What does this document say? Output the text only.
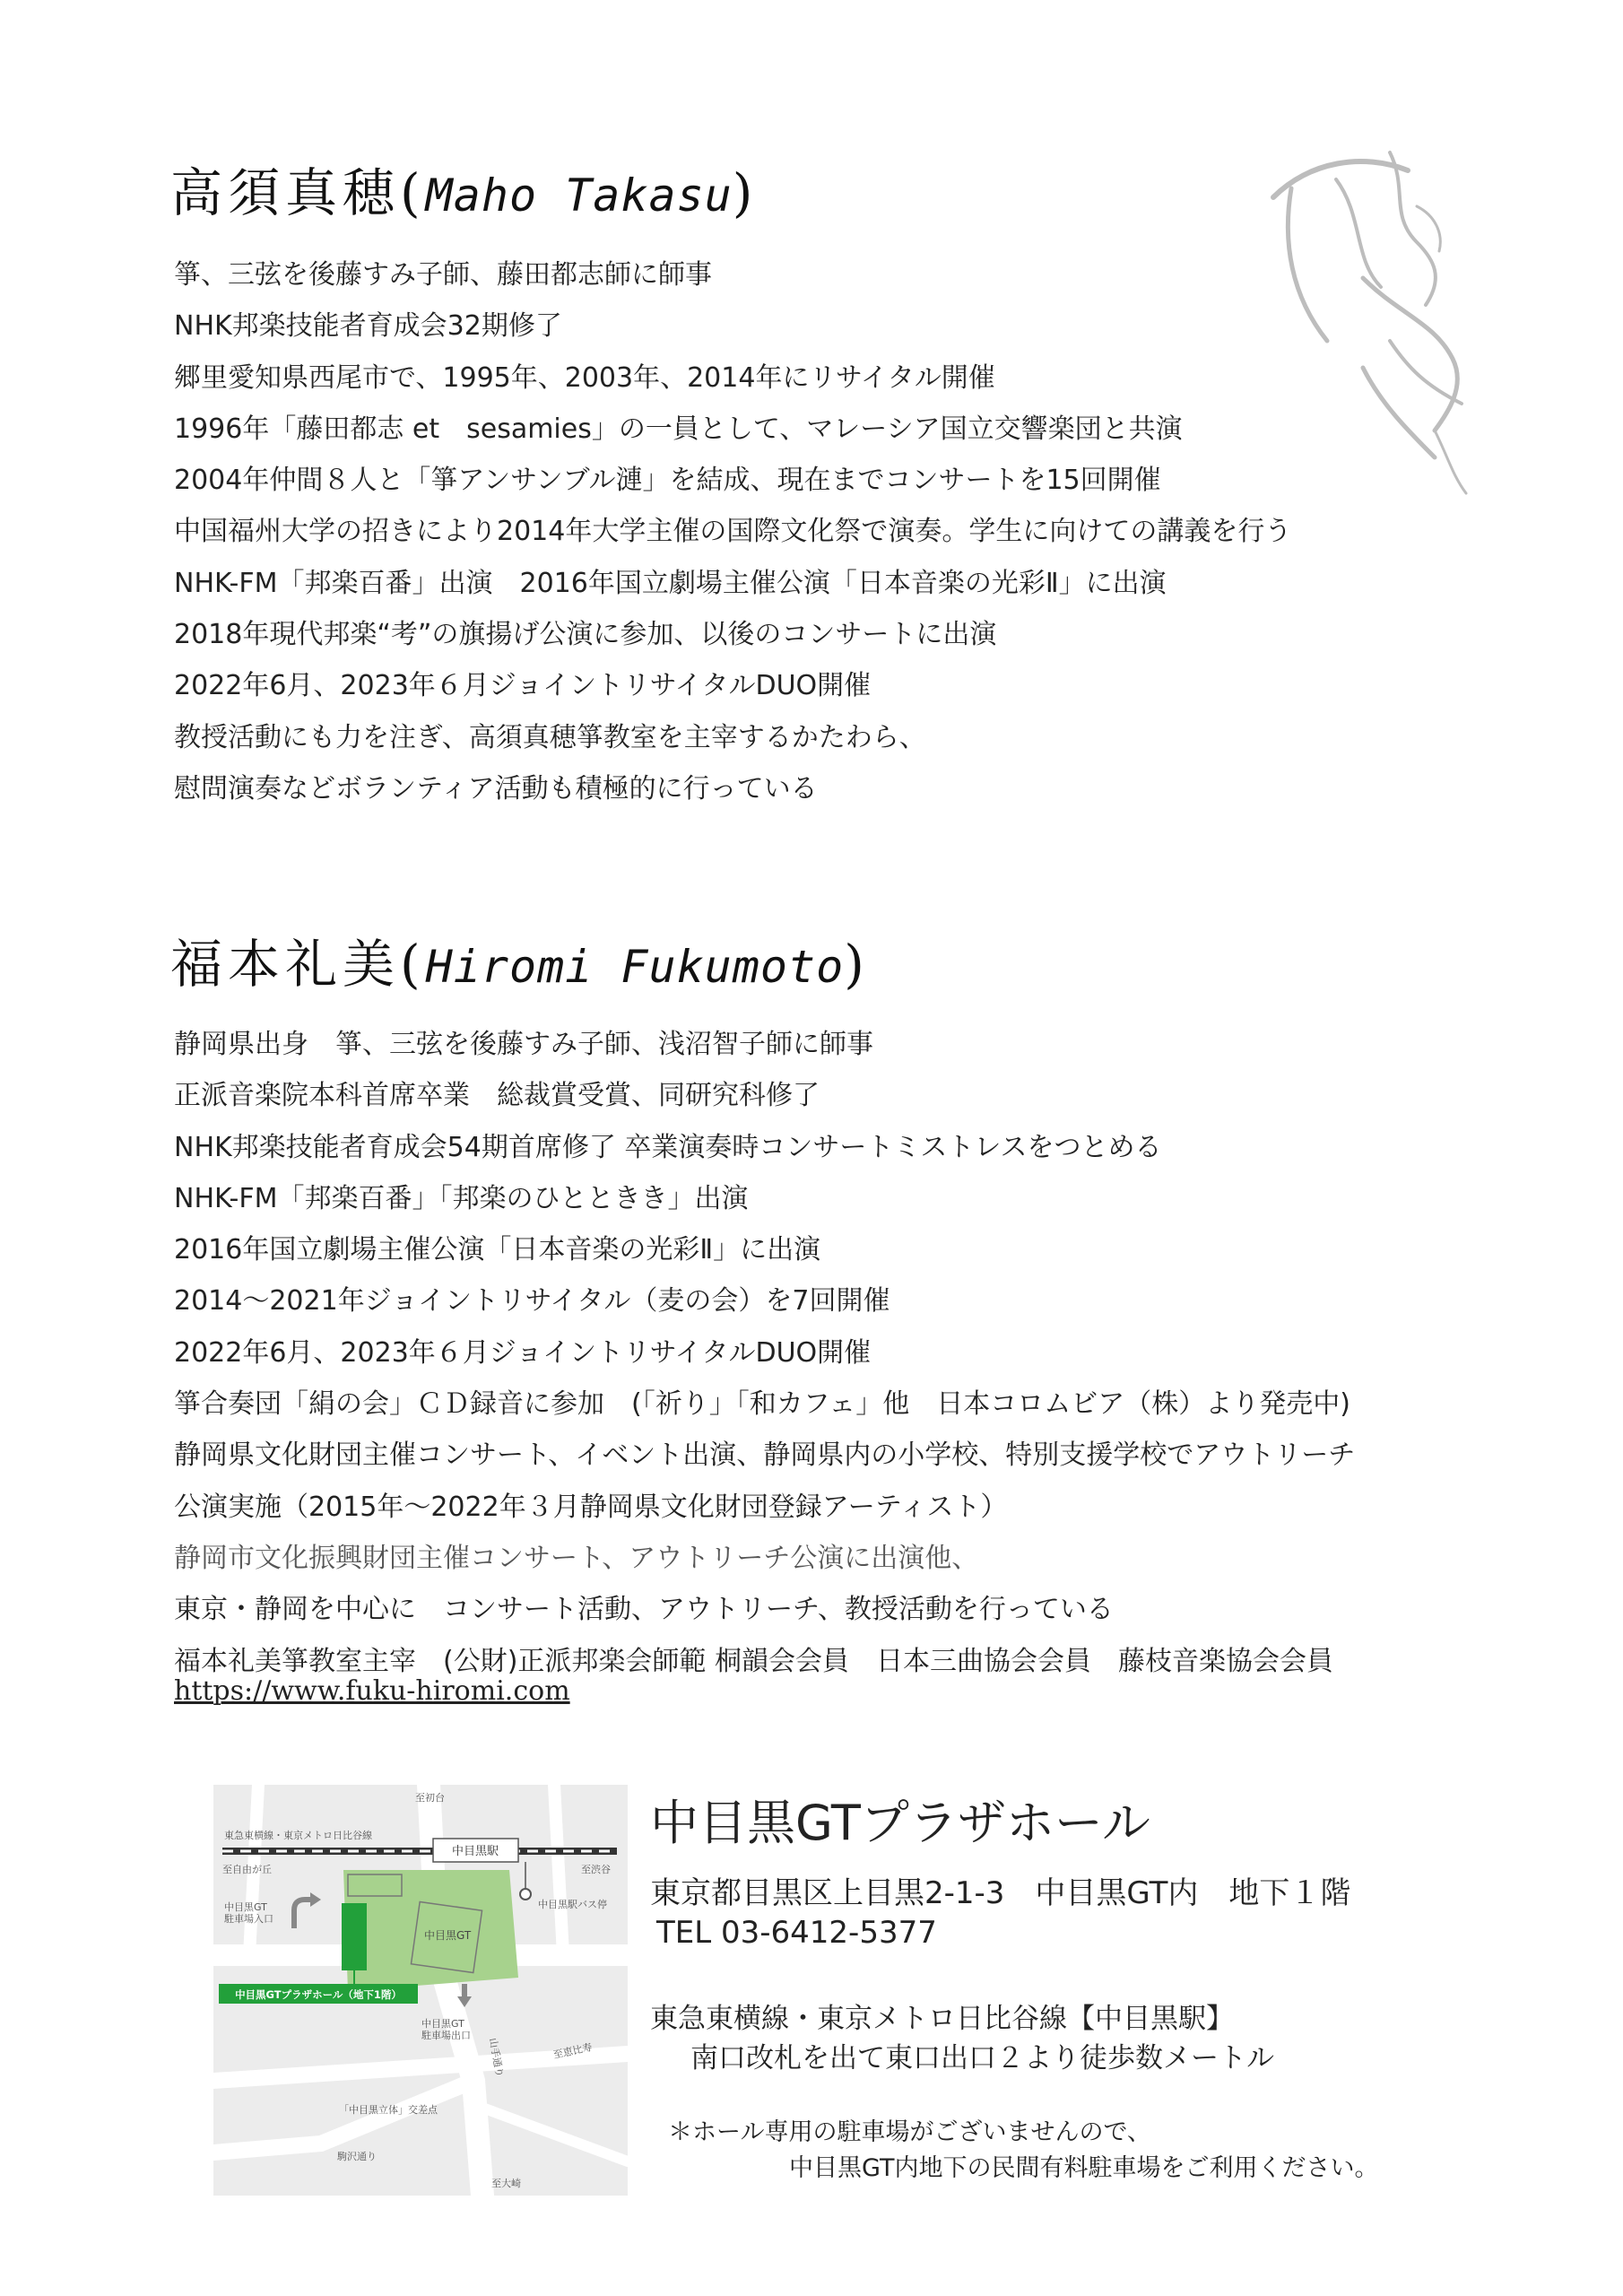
高須真穂(Maho Takasu)
箏、三弦を後藤すみ子師、藤田都志師に師事
NHK邦楽技能者育成会32期修了
郷里愛知県西尾市で、1995年、2003年、2014年にリサイタル開催
1996年「藤田都志 et　sesamies」の一員として、マレーシア国立交響楽団と共演
2004年仲間８人と「箏アンサンブル漣」を結成、現在までコンサートを15回開催
中国福州大学の招きにより2014年大学主催の国際文化祭で演奏。学生に向けての講義を行う
NHK-FM「邦楽百番」出演　2016年国立劇場主催公演「日本音楽の光彩Ⅱ」に出演
2018年現代邦楽“考”の旗揚げ公演に参加、以後のコンサートに出演
2022年6月、2023年６月ジョイントリサイタルDUO開催
教授活動にも力を注ぎ、高須真穂箏教室を主宰するかたわら、
慰問演奏などボランティア活動も積極的に行っている
福本礼美(Hiromi Fukumoto)
静岡県出身　箏、三弦を後藤すみ子師、浅沼智子師に師事
正派音楽院本科首席卒業　総裁賞受賞、同研究科修了
NHK邦楽技能者育成会54期首席修了 卒業演奏時コンサートミストレスをつとめる
NHK-FM「邦楽百番」「邦楽のひとときき」出演
2016年国立劇場主催公演「日本音楽の光彩Ⅱ」に出演
2014～2021年ジョイントリサイタル（麦の会）を7回開催
2022年6月、2023年６月ジョイントリサイタルDUO開催
箏合奏団「絹の会」ＣＤ録音に参加　(「祈り」「和カフェ」他　日本コロムビア（株）より発売中)
静岡県文化財団主催コンサート、イベント出演、静岡県内の小学校、特別支援学校でアウトリーチ
公演実施（2015年～2022年３月静岡県文化財団登録アーティスト）
静岡市文化振興財団主催コンサート、アウトリーチ公演に出演他、
東京・静岡を中心に　コンサート活動、アウトリーチ、教授活動を行っている
福本礼美箏教室主宰　(公財)正派邦楽会師範 桐韻会会員　日本三曲協会会員　藤枝音楽協会会員
https://www.fuku-hiromi.com
中目黒駅
中目黒GTプラザホール（地下1階）
至初台
東急東横線・東京メトロ日比谷線
至自由が丘	至渋谷
中目黒GT 駐車場入口
中目黒GT
中目黒駅バス停
中目黒GT 駐車場出口
山手通り	至恵比寿
「中目黒立体」交差点
駒沢通り
至大崎
中目黒GTプラザホール
東京都目黒区上目黒2-1-3　中目黒GT内　地下１階
TEL 03-6412-5377
東急東横線・東京メトロ日比谷線【中目黒駅】
南口改札を出て東口出口２より徒歩数メートル
＊ホール専用の駐車場がございませんので、
中目黒GT内地下の民間有料駐車場をご利用ください。
